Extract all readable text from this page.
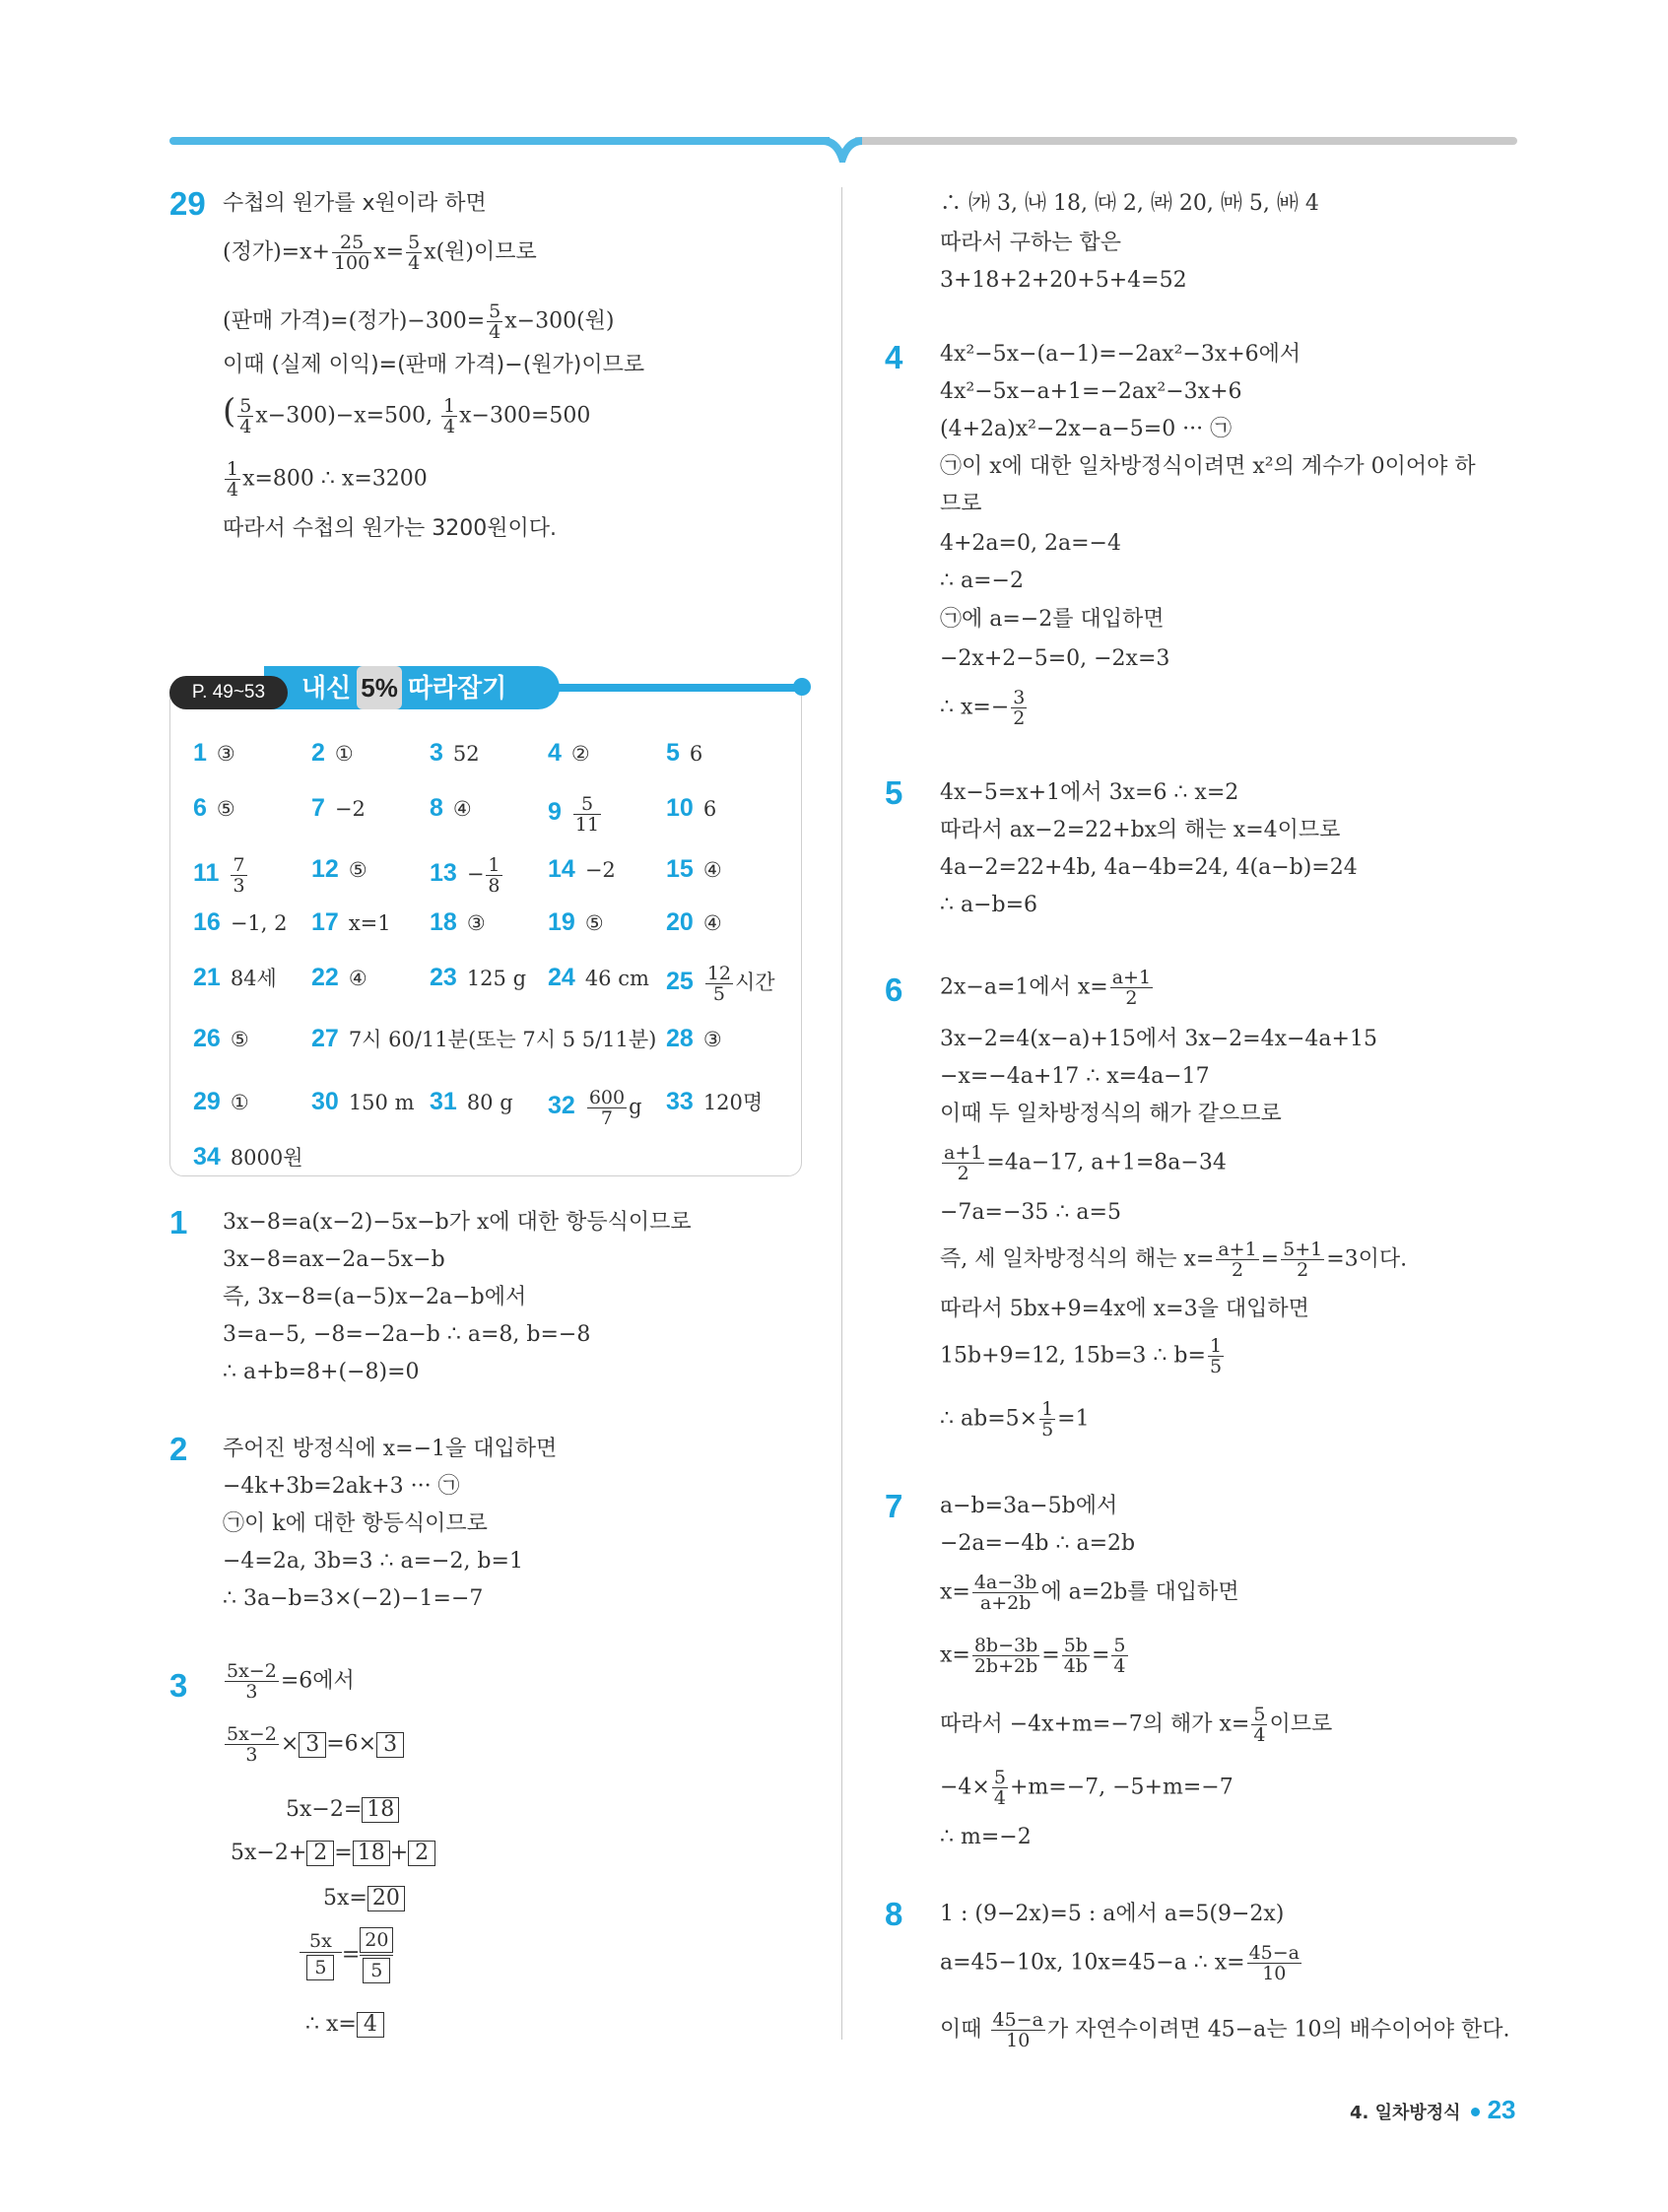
29 수첩의 원가를 x원이라 하면
(정가)$=x+ \frac{25}{100} x= \frac{5}{4} x$(원)이므로
(판매 가격)=(정가)$-300= \frac{5}{4} x-300$(원)
이때 (실제 이익)=(판매 가격)−(원가)이므로
( $\frac{5}{4} x-300)-x=500$, $\frac{1}{4} x-300=500$
$\frac{1}{4} x=800$ ∴ x=3200
따라서 수첩의 원가는 3200원이다.
내신 5% 따라잡기
P. 49~53
1 ③	2 ①	3 52	4 ②	5 6
6 ⑤	7 −2	8 ④	$9 \frac{5}{11}$	10 6
$11 \frac{7}{3}$	12 ⑤	$13 - \frac{1}{8} 14 -2$ 15 ④
16 −1, 2 17 x=1 18 ③	19 ⑤	20 ④
21 84세 22 ④	23 125 g 24 46 cm $25 \frac{12}{5}$ 시간
26 ⑤	27 7시 60/11분(또는 7시 5 5/11분) 28 ③
29 ①	30 150 m 31 80 g $32 \frac{600}{7}$ g 33 120명
34 8000원
1 3x−8=a(x−2)−5x−b가 x에 대한 항등식이므로
3x−8=ax−2a−5x−b
즉, 3x−8=(a−5)x−2a−b에서
3=a−5, −8=−2a−b ∴ a=8, b=−8
∴ a+b=8+(−8)=0
2 주어진 방정식에 x=−1을 대입하면
−4k+3b=2ak+3 ··· ㉠
㉠이 k에 대한 항등식이므로
−4=2a, 3b=3 ∴ a=−2, b=1
∴ 3a−b=3×(−2)−1=−7
$3 \frac{5x-2}{3} =6$에서
$\frac{5x-2}{3} \times 3 =6\times 3$
5x−2= 18
5x−2+ 2 = 18 + 2
5x= 20
$\frac{5x}{5} = \frac{20}{5}$
∴ x= 4
∴ ㈎ 3, ㈏ 18, ㈐ 2, ㈑ 20, ㈒ 5, ㈓ 4
따라서 구하는 합은
3+18+2+20+5+4=52
4 4x²−5x−(a−1)=−2ax²−3x+6에서
4x²−5x−a+1=−2ax²−3x+6
(4+2a)x²−2x−a−5=0 ··· ㉠
㉠이 x에 대한 일차방정식이려면 x²의 계수가 0이어야 하
므로
4+2a=0, 2a=−4
∴ a=−2
㉠에 a=−2를 대입하면
−2x+2−5=0, −2x=3
∴ $x=- \frac{3}{2}$
5 4x−5=x+1에서 3x=6 ∴ x=2
따라서 ax−2=22+bx의 해는 x=4이므로
4a−2=22+4b, 4a−4b=24, 4(a−b)=24
∴ a−b=6
6 2x−a=1에서 $x= \frac{a+1}{2}$
3x−2=4(x−a)+15에서 3x−2=4x−4a+15
−x=−4a+17 ∴ x=4a−17
이때 두 일차방정식의 해가 같으므로
$\frac{a+1}{2} =4a-17$, a+1=8a−34
−7a=−35 ∴ a=5
즉, 세 일차방정식의 해는 $x= \frac{a+1}{2} = \frac{5+1}{2} =3$이다.
따라서 5bx+9=4x에 x=3을 대입하면
15b+9=12, 15b=3 ∴ $b= \frac{1}{5}$
∴ $ab=5\times \frac{1}{5} =1$
7 a−b=3a−5b에서
−2a=−4b ∴ a=2b
$x= \frac{4a-3b}{a+2b}$ 에 a=2b를 대입하면
$x= \frac{8b-3b}{2b+2b} = \frac{5b}{4b} = \frac{5}{4}$
따라서 −4x+m=−7의 해가 $x= \frac{5}{4}$ 이므로
$-4\times \frac{5}{4} +m=-7$, −5+m=−7
∴ m=−2
8 1 : (9−2x)=5 : a에서 a=5(9−2x)
a=45−10x, 10x=45−a ∴ $x= \frac{45-a}{10}$
이때 $\frac{45-a}{10}$ 가 자연수이려면 45−a는 10의 배수이어야 한다.
4. 일차방정식 23
